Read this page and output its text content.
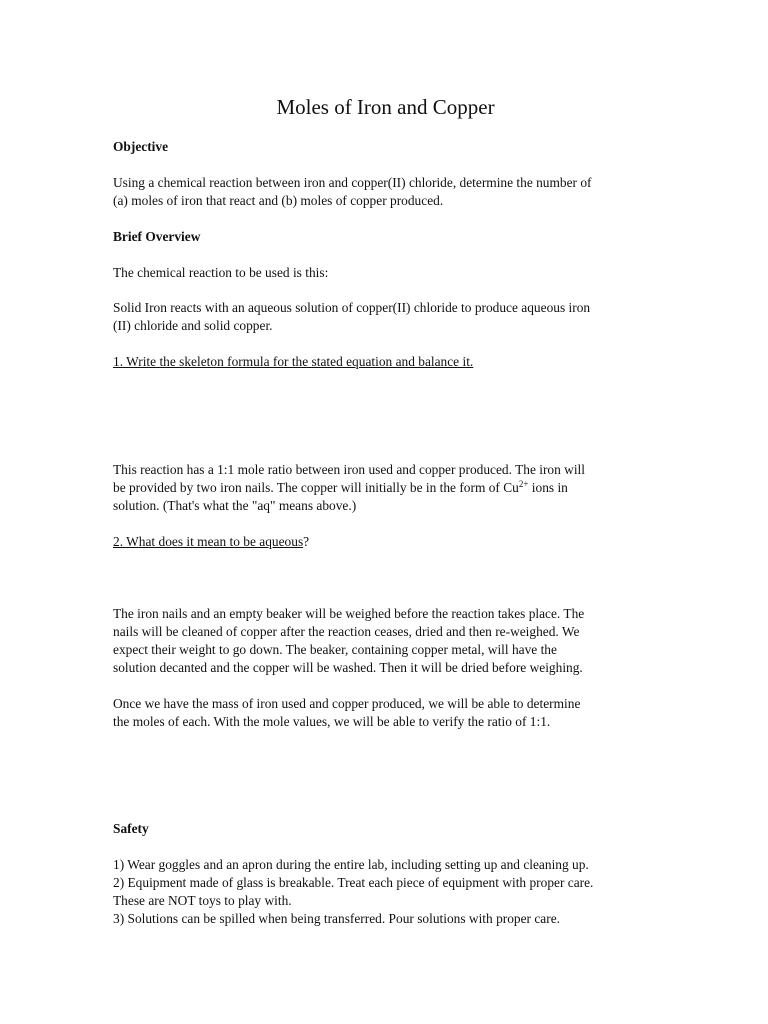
Moles of Iron and Copper

Objective

Using a chemical reaction between iron and copper(II) chloride, determine the number of
(a) moles of iron that react and (b) moles of copper produced.

Brief Overview

The chemical reaction to be used is this:

Solid Iron reacts with an aqueous solution of copper(II) chloride to produce aqueous iron
(II) chloride and solid copper.

1. Write the skeleton formula for the stated equation and balance it.

This reaction has a 1:1 mole ratio between iron used and copper produced. The iron will
be provided by two iron nails. The copper will initially be in the form of $Cu^{2+}$ ions in
solution. (That's what the "aq" means above.)

2. What does it mean to be aqueous?

The iron nails and an empty beaker will be weighed before the reaction takes place. The
nails will be cleaned of copper after the reaction ceases, dried and then re-weighed. We
expect their weight to go down. The beaker, containing copper metal, will have the
solution decanted and the copper will be washed. Then it will be dried before weighing.

Once we have the mass of iron used and copper produced, we will be able to determine
the moles of each. With the mole values, we will be able to verify the ratio of 1:1.

Safety

1) Wear goggles and an apron during the entire lab, including setting up and cleaning up.
2) Equipment made of glass is breakable. Treat each piece of equipment with proper care.
These are NOT toys to play with.
3) Solutions can be spilled when being transferred. Pour solutions with proper care.
